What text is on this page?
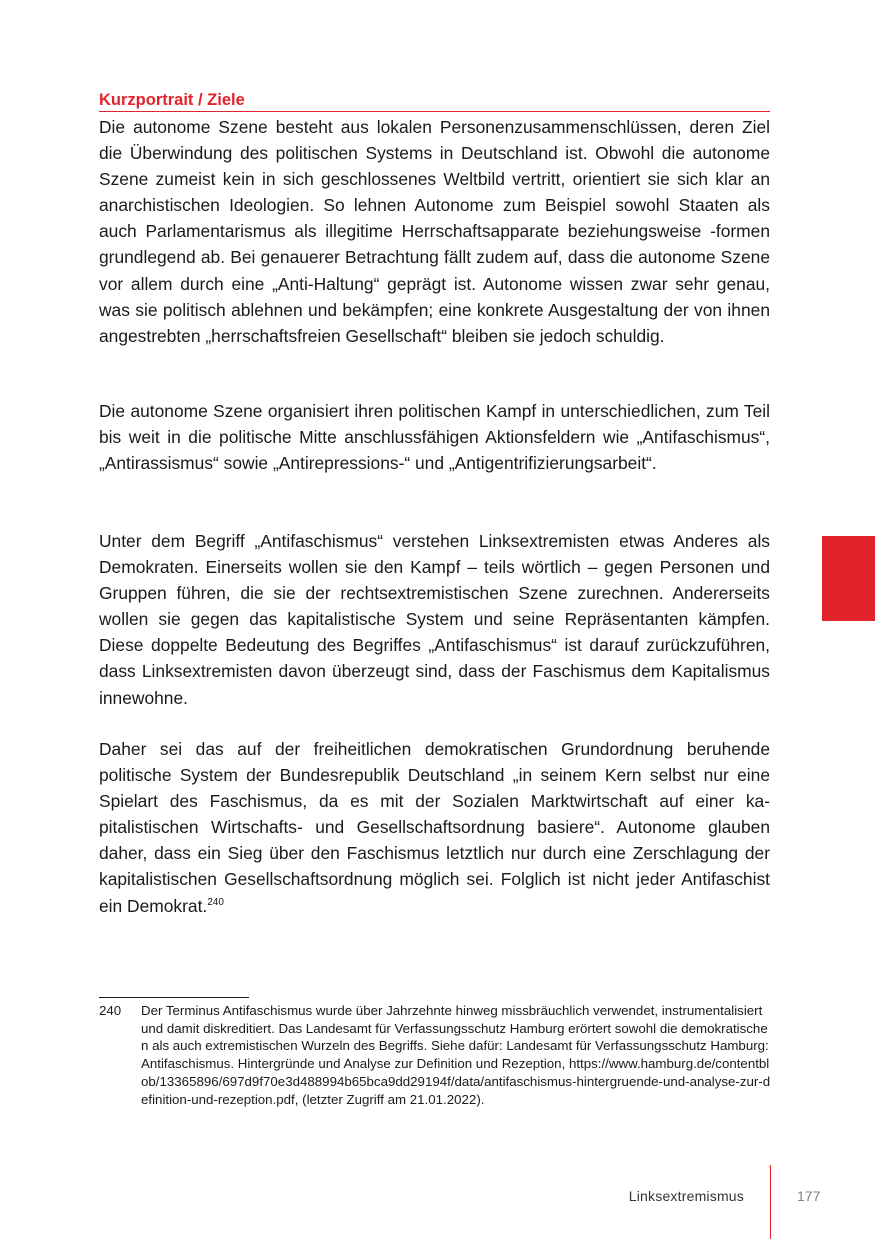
Kurzportrait / Ziele

Die autonome Szene besteht aus lokalen Personenzusammenschlüssen, deren Ziel die Überwindung des politischen Systems in Deutschland ist. Obwohl die autonome Szene zumeist kein in sich geschlossenes Weltbild vertritt, orientiert sie sich klar an anarchistischen Ideologien. So lehnen Autonome zum Beispiel sowohl Staaten als auch Parlamentarismus als illegitime Herrschaftsapparate beziehungsweise -formen grundlegend ab. Bei genauerer Betrachtung fällt zudem auf, dass die autonome Szene vor allem durch eine „Anti-Haltung“ geprägt ist. Autonome wissen zwar sehr genau, was sie politisch ablehnen und bekämpfen; eine konkrete Ausgestaltung der von ihnen angestrebten „herrschaftsfreien Gesellschaft“ bleiben sie jedoch schuldig.

Die autonome Szene organisiert ihren politischen Kampf in unterschiedlichen, zum Teil bis weit in die politische Mitte anschlussfähigen Aktionsfeldern wie „Antifaschismus“, „Antirassismus“ sowie „Antirepressions-“ und „Antigentrifizierungsarbeit“.

Unter dem Begriff „Antifaschismus“ verstehen Linksextremisten etwas Anderes als Demokraten. Einerseits wollen sie den Kampf – teils wörtlich – gegen Personen und Gruppen führen, die sie der rechtsextremistischen Szene zurechnen. Andererseits wollen sie gegen das kapitalistische System und seine Repräsentanten kämpfen. Diese doppelte Bedeutung des Begriffes „Antifaschismus“ ist darauf zurückzuführen, dass Linksextremisten davon überzeugt sind, dass der Faschismus dem Kapitalismus innewohne.

Daher sei das auf der freiheitlichen demokratischen Grundordnung beruhende politische System der Bundesrepublik Deutschland „in seinem Kern selbst nur eine Spielart des Faschismus, da es mit der Sozialen Marktwirtschaft auf einer kapitalistischen Wirtschafts- und Gesellschaftsordnung basiere“. Autonome glauben daher, dass ein Sieg über den Faschismus letztlich nur durch eine Zerschlagung der kapitalistischen Gesellschaftsordnung möglich sei. Folglich ist nicht jeder Antifaschist ein Demokrat.$^{240}$

240 Der Terminus Antifaschismus wurde über Jahrzehnte hinweg missbräuchlich verwendet, instrumentalisiert und damit diskreditiert. Das Landesamt für Verfassungsschutz Hamburg erörtert sowohl die demokratischen als auch extremistischen Wurzeln des Begriffs. Siehe dafür: Landesamt für Verfassungsschutz Hamburg: Antifaschismus. Hintergründe und Analyse zur Definition und Rezeption, https://www.hamburg.de/contentblob/13365896/697d9f70e3d488994b65bca9dd29194f/data/antifaschismus-hintergruende-und-analyse-zur-definition-und-rezeption.pdf, (letzter Zugriff am 21.01.2022).
Linksextremismus	177
